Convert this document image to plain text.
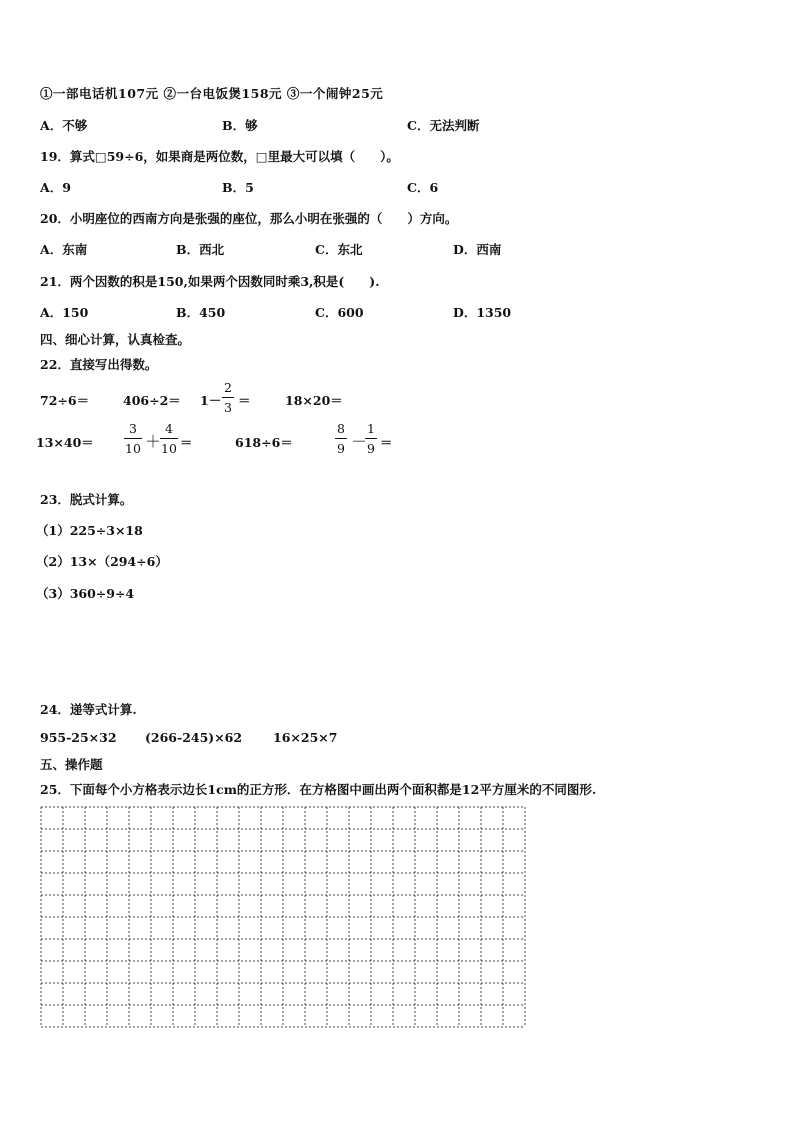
①一部电话机107元 ②一台电饭煲158元 ③一个闹钟25元
A．不够	B．够	C．无法判断
19．算式□59÷6，如果商是两位数，□里最大可以填（　　）。
A．9	B．5	C．6
20．小明座位的西南方向是张强的座位，那么小明在张强的（　　）方向。
A．东南	B．西北	C．东北	D．西南
21．两个因数的积是150,如果两个因数同时乘3,积是(　　).
A．150	B．450	C．600	D．1350
四、细心计算，认真检查。
22．直接写出得数。
72÷6＝	406÷2＝ 1－
2
3 ＝	18×20＝
13×40＝
3
10 ＋
4
10 ＝	618÷6＝
8
9 －
1
9 ＝
23．脱式计算。
（1）225÷3×18
（2）13×（294÷6）
（3）360÷9÷4
24．递等式计算.
955-25×32 (266-245)×62 16×25×7
五、操作题
25．下面每个小方格表示边长1cm的正方形．在方格图中画出两个面积都是12平方厘米的不同图形.
